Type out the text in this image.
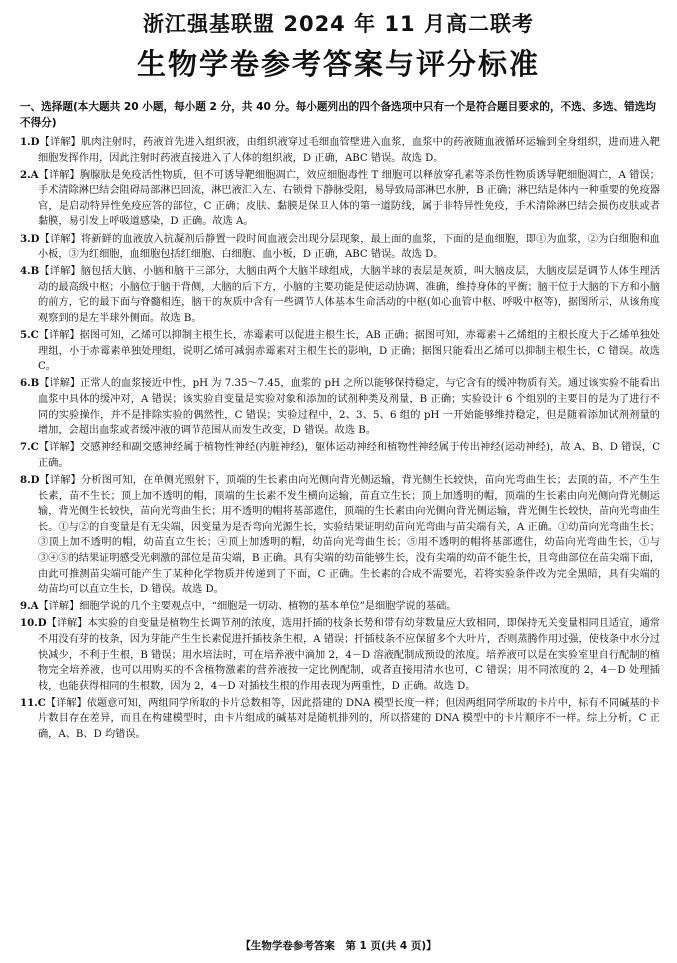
浙江强基联盟 2024 年 11 月高二联考
生物学卷参考答案与评分标准
一、选择题(本大题共 20 小题，每小题 2 分，共 40 分。每小题列出的四个备选项中只有一个是符合题目要求的，不选、多选、错选均不得分)

1.D【详解】肌肉注射时，药液首先进入组织液，由组织液穿过毛细血管壁进入血浆，血浆中的药液随血液循环运输到全身组织，进而进入靶细胞发挥作用，因此注射时药液直接进入了人体的组织液，D 正确，ABC 错误。故选 D。

2.A【详解】胸腺肽是免疫活性物质，但不可诱导靶细胞凋亡，效应细胞毒性 T 细胞可以释放穿孔素等杀伤性物质诱导靶细胞凋亡，A 错误；手术清除淋巴结会阻碍局部淋巴回流，淋巴液汇入左、右锁骨下静脉受阻，易导致局部淋巴水肿，B 正确；淋巴结是体内一种重要的免疫器官，是启动特异性免疫应答的部位，C 正确；皮肤、黏膜是保卫人体的第一道防线，属于非特异性免疫，手术清除淋巴结会损伤皮肤或者黏膜，易引发上呼吸道感染，D 正确。故选 A。

3.D【详解】将新鲜的血液放入抗凝剂后静置一段时间血液会出现分层现象，最上面的血浆，下面的是血细胞，即①为血浆，②为白细胞和血小板，③为红细胞，血细胞包括红细胞、白细胞、血小板，D 正确，ABC 错误。故选 D。

4.B【详解】脑包括大脑、小脑和脑干三部分，大脑由两个大脑半球组成，大脑半球的表层是灰质，叫大脑皮层，大脑皮层是调节人体生理活动的最高级中枢；小脑位于脑干背侧，大脑的后下方，小脑的主要功能是使运动协调、准确，维持身体的平衡；脑干位于大脑的下方和小脑的前方，它的最下面与脊髓相连，脑干的灰质中含有一些调节人体基本生命活动的中枢(如心血管中枢、呼吸中枢等)，据图所示，从该角度观察到的是左半球外侧面。故选 B。

5.C【详解】据图可知，乙烯可以抑制主根生长，赤霉素可以促进主根生长，AB 正确；据图可知，赤霉素＋乙烯组的主根长度大于乙烯单独处理组，小于赤霉素单独处理组，说明乙烯可减弱赤霉素对主根生长的影响，D 正确；据图只能看出乙烯可以抑制主根生长，C 错误。故选 C。

6.B【详解】正常人的血浆接近中性，pH 为 7.35～7.45，血浆的 pH 之所以能够保持稳定，与它含有的缓冲物质有关。通过该实验不能看出血浆中具体的缓冲对，A 错误；该实验自变量是实验对象和添加的试剂种类及剂量，B 正确；实验设计 6 个组别的主要目的是为了进行不同的实验操作，并不是排除实验的偶然性，C 错误；实验过程中，2、3、5、6 组的 pH 一开始能够维持稳定，但是随着添加试剂剂量的增加，会超出血浆或者缓冲液的调节范围从而发生改变，D 错误。故选 B。

7.C【详解】交感神经和副交感神经属于植物性神经(内脏神经)，躯体运动神经和植物性神经属于传出神经(运动神经)，故 A、B、D 错误，C 正确。

8.D【详解】分析图可知，在单侧光照射下，顶端的生长素由向光侧向背光侧运输，背光侧生长较快，苗向光弯曲生长；去顶的苗，不产生生长素，苗不生长；顶上加不透明的帽，顶端的生长素不发生横向运输，苗直立生长；顶上加透明的帽，顶端的生长素由向光侧向背光侧运输，背光侧生长较快，苗向光弯曲生长；用不透明的帽将基部遮住，顶端的生长素由向光侧向背光侧运输，背光侧生长较快，苗向光弯曲生长。①与②的自变量是有无尖端，因变量为是否弯向光源生长，实验结果证明幼苗向光弯曲与苗尖端有关，A 正确。①幼苗向光弯曲生长；③顶上加不透明的帽，幼苗直立生长；④顶上加透明的帽，幼苗向光弯曲生长；⑤用不透明的帽将基部遮住，幼苗向光弯曲生长，①与③④⑤的结果证明感受光刺激的部位是苗尖端，B 正确。具有尖端的幼苗能够生长，没有尖端的幼苗不能生长，且弯曲部位在苗尖端下面，由此可推测苗尖端可能产生了某种化学物质并传递到了下面，C 正确。生长素的合成不需要光，若将实验条件改为完全黑暗，具有尖端的幼苗均可以直立生长，D 错误。故选 D。

9.A【详解】细胞学说的几个主要观点中，“细胞是一切动、植物的基本单位”是细胞学说的基础。

10.D【详解】本实验的自变量是植物生长调节剂的浓度，选用扦插的枝条长势和带有幼芽数量应大致相同，即保持无关变量相同且适宜，通常不用没有芽的枝条，因为芽能产生生长素促进扦插枝条生根，A 错误；扦插枝条不应保留多个大叶片，否则蒸腾作用过强，使枝条中水分过快减少，不利于生根，B 错误；用水培法时，可在培养液中滴加 2，4－D 溶液配制成预设的浓度。培养液可以是在实验室里自行配制的植物完全培养液，也可以用购买的不含植物激素的营养液按一定比例配制，或者直接用清水也可，C 错误；用不同浓度的 2，4－D 处理插枝，也能获得相同的生根数，因为 2，4－D 对插枝生根的作用表现为两重性，D 正确。故选 D。

11.C【详解】依题意可知，两组同学所取的卡片总数相等，因此搭建的 DNA 模型长度一样；但因两组同学所取的卡片中，标有不同碱基的卡片数目存在差异，而且在构建模型时，由卡片组成的碱基对是随机排列的，所以搭建的 DNA 模型中的卡片顺序不一样。综上分析，C 正确，A、B、D 均错误。

【生物学卷参考答案　第 1 页(共 4 页)】
